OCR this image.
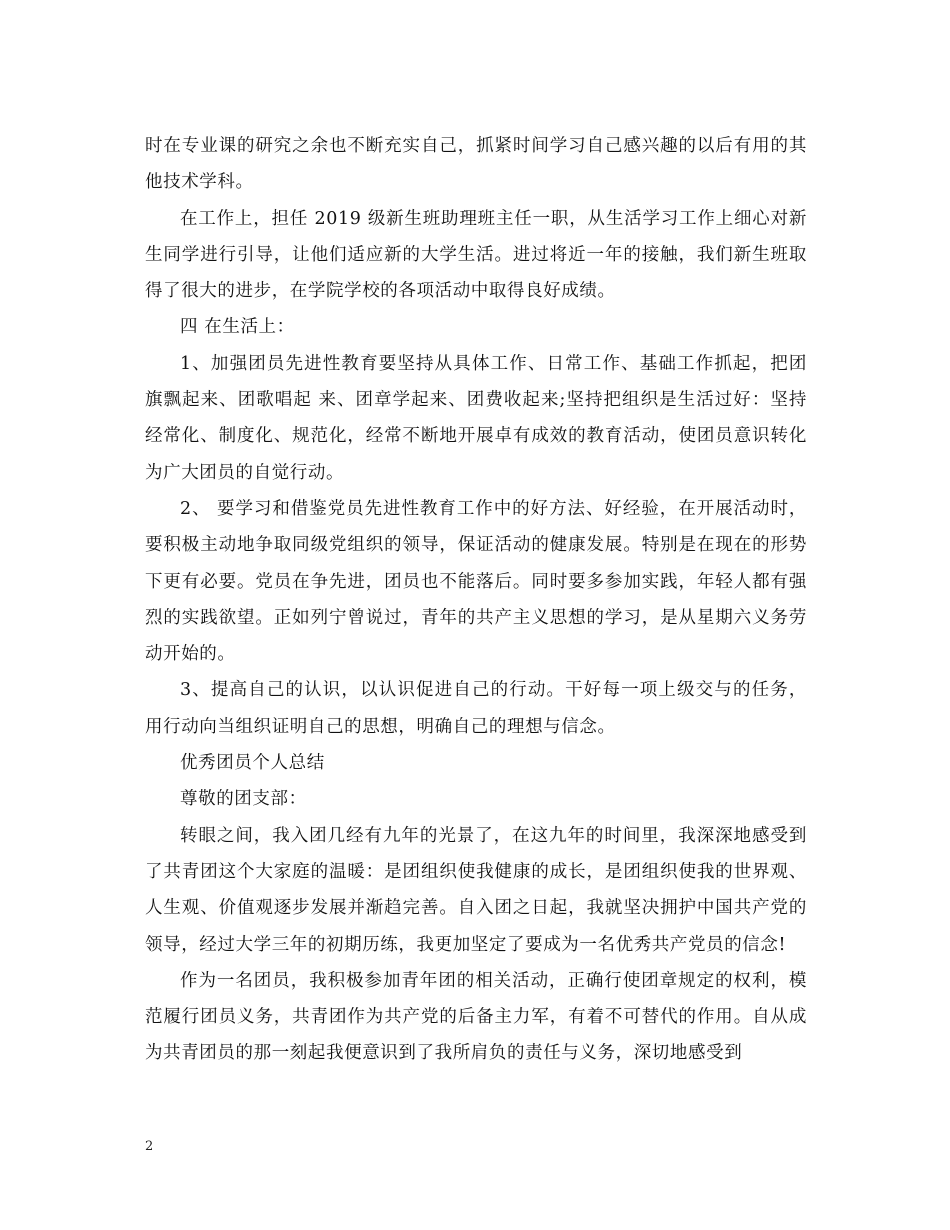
时在专业课的研究之余也不断充实自己，抓紧时间学习自己感兴趣的以后有用的其他技术学科。

在工作上，担任 2019 级新生班助理班主任一职，从生活学习工作上细心对新生同学进行引导，让他们适应新的大学生活。进过将近一年的接触，我们新生班取得了很大的进步，在学院学校的各项活动中取得良好成绩。

四 在生活上：

1、加强团员先进性教育要坚持从具体工作、日常工作、基础工作抓起，把团旗飘起来、团歌唱起 来、团章学起来、团费收起来;坚持把组织是生活过好：坚持经常化、制度化、规范化，经常不断地开展卓有成效的教育活动，使团员意识转化为广大团员的自觉行动。

2、 要学习和借鉴党员先进性教育工作中的好方法、好经验，在开展活动时，要积极主动地争取同级党组织的领导，保证活动的健康发展。特别是在现在的形势下更有必要。党员在争先进，团员也不能落后。同时要多参加实践，年轻人都有强烈的实践欲望。正如列宁曾说过，青年的共产主义思想的学习，是从星期六义务劳动开始的。

3、提高自己的认识，以认识促进自己的行动。干好每一项上级交与的任务，用行动向当组织证明自己的思想，明确自己的理想与信念。

优秀团员个人总结

尊敬的团支部：

转眼之间，我入团几经有九年的光景了，在这九年的时间里，我深深地感受到了共青团这个大家庭的温暖：是团组织使我健康的成长，是团组织使我的世界观、人生观、价值观逐步发展并渐趋完善。自入团之日起，我就坚决拥护中国共产党的领导，经过大学三年的初期历练，我更加坚定了要成为一名优秀共产党员的信念!

作为一名团员，我积极参加青年团的相关活动，正确行使团章规定的权利，模范履行团员义务，共青团作为共产党的后备主力军，有着不可替代的作用。自从成为共青团员的那一刻起我便意识到了我所肩负的责任与义务，深切地感受到

2
